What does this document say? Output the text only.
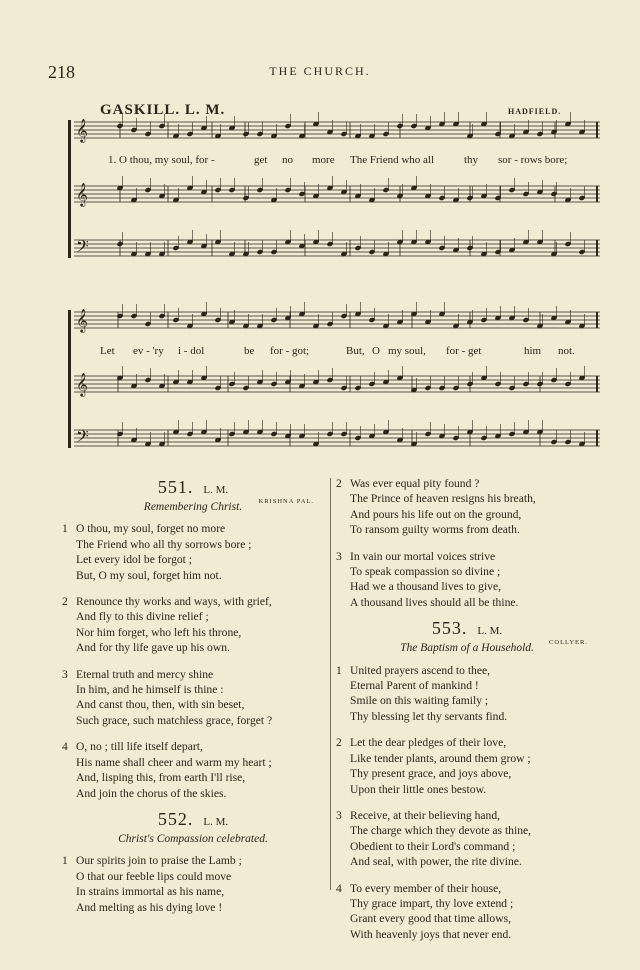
218	THE CHURCH.
GASKILL. L. M.	HADFIELD.
𝄞
𝄞
𝄢
𝄞
𝄞
𝄢
1. O thou, my soul, for -	get no more The Friend who all	thy sor - rows bore;
Let ev - 'ry i - dol	be for - got;	But, O my soul, for - get	him not.
551. L. M.
KRISHNA PAL.
Remembering Christ.
1 O thou, my soul, forget no more
The Friend who all thy sorrows bore ;
Let every idol be forgot ;
But, O my soul, forget him not.
2 Renounce thy works and ways, with grief,
And fly to this divine relief ;
Nor him forget, who left his throne,
And for thy life gave up his own.
3 Eternal truth and mercy shine
In him, and he himself is thine :
And canst thou, then, with sin beset,
Such grace, such matchless grace, forget ?
4 O, no ; till life itself depart,
His name shall cheer and warm my heart ;
And, lisping this, from earth I'll rise,
And join the chorus of the skies.
552. L. M.
Christ's Compassion celebrated.
1 Our spirits join to praise the Lamb ;
O that our feeble lips could move
In strains immortal as his name,
And melting as his dying love !
2 Was ever equal pity found ?
The Prince of heaven resigns his breath,
And pours his life out on the ground,
To ransom guilty worms from death.
3 In vain our mortal voices strive
To speak compassion so divine ;
Had we a thousand lives to give,
A thousand lives should all be thine.
553. L. M.
COLLYER.
The Baptism of a Household.
1 United prayers ascend to thee,
Eternal Parent of mankind !
Smile on this waiting family ;
Thy blessing let thy servants find.
2 Let the dear pledges of their love,
Like tender plants, around them grow ;
Thy present grace, and joys above,
Upon their little ones bestow.
3 Receive, at their believing hand,
The charge which they devote as thine,
Obedient to their Lord's command ;
And seal, with power, the rite divine.
4 To every member of their house,
Thy grace impart, thy love extend ;
Grant every good that time allows,
With heavenly joys that never end.
